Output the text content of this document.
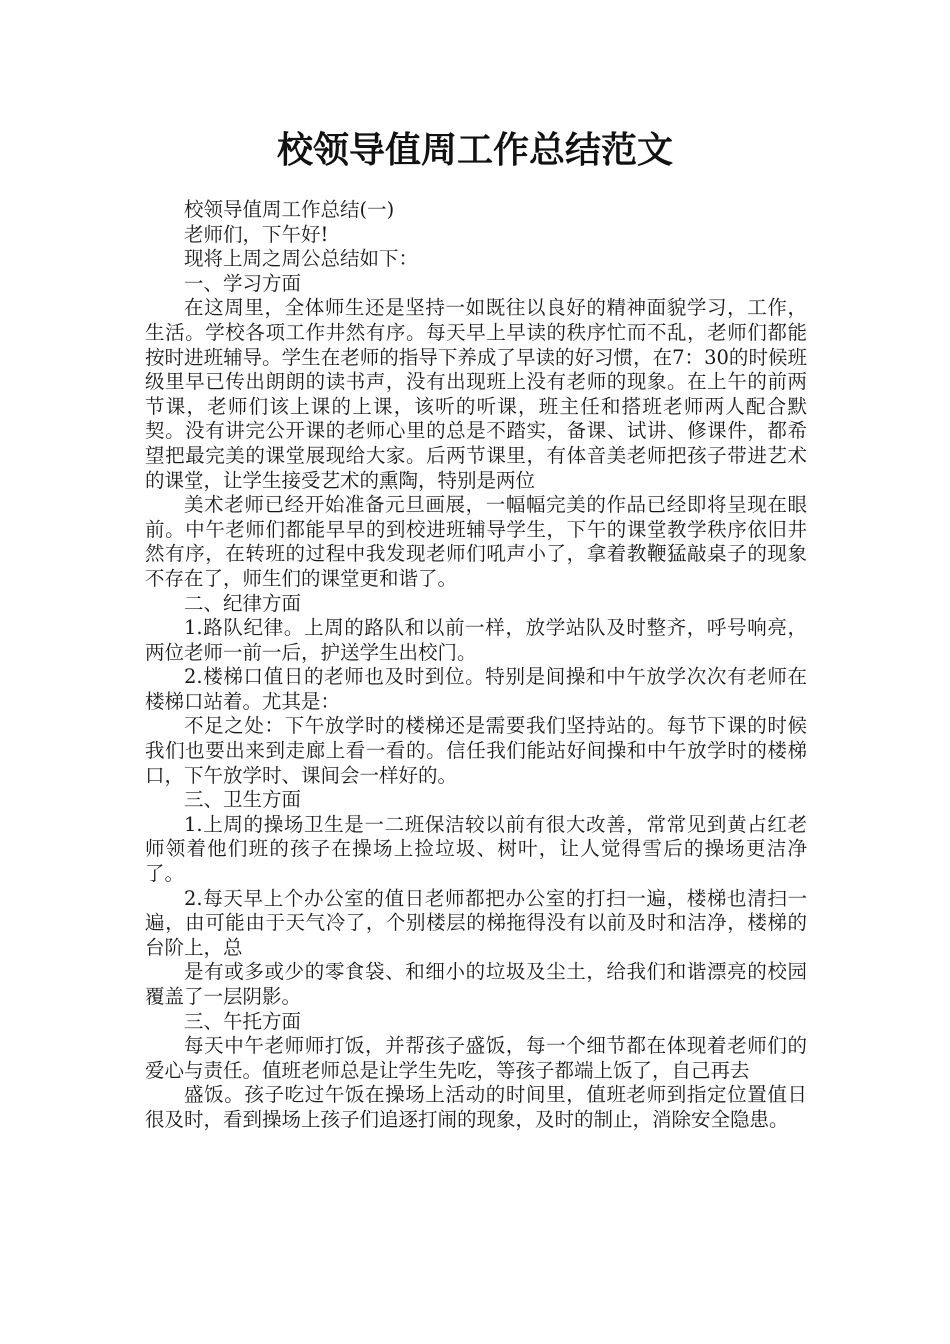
校领导值周工作总结范文

校领导值周工作总结(一)

老师们，下午好!

现将上周之周公总结如下：

一、学习方面

在这周里，全体师生还是坚持一如既往以良好的精神面貌学习，工作，生活。学校各项工作井然有序。每天早上早读的秩序忙而不乱，老师们都能按时进班辅导。学生在老师的指导下养成了早读的好习惯，在7：30的时候班级里早已传出朗朗的读书声，没有出现班上没有老师的现象。在上午的前两节课，老师们该上课的上课，该听的听课，班主任和搭班老师两人配合默契。没有讲完公开课的老师心里的总是不踏实，备课、试讲、修课件，都希望把最完美的课堂展现给大家。后两节课里，有体音美老师把孩子带进艺术的课堂，让学生接受艺术的熏陶，特别是两位

美术老师已经开始准备元旦画展，一幅幅完美的作品已经即将呈现在眼前。中午老师们都能早早的到校进班辅导学生，下午的课堂教学秩序依旧井然有序，在转班的过程中我发现老师们吼声小了，拿着教鞭猛敲桌子的现象不存在了，师生们的课堂更和谐了。

二、纪律方面

1.路队纪律。上周的路队和以前一样，放学站队及时整齐，呼号响亮，两位老师一前一后，护送学生出校门。

2.楼梯口值日的老师也及时到位。特别是间操和中午放学次次有老师在楼梯口站着。尤其是：

不足之处：下午放学时的楼梯还是需要我们坚持站的。每节下课的时候我们也要出来到走廊上看一看的。信任我们能站好间操和中午放学时的楼梯口，下午放学时、课间会一样好的。

三、卫生方面

1.上周的操场卫生是一二班保洁较以前有很大改善，常常见到黄占红老师领着他们班的孩子在操场上捡垃圾、树叶，让人觉得雪后的操场更洁净了。

2.每天早上个办公室的值日老师都把办公室的打扫一遍，楼梯也清扫一遍，由可能由于天气冷了，个别楼层的梯拖得没有以前及时和洁净，楼梯的台阶上，总

是有或多或少的零食袋、和细小的垃圾及尘土，给我们和谐漂亮的校园覆盖了一层阴影。

三、午托方面

每天中午老师师打饭，并帮孩子盛饭，每一个细节都在体现着老师们的爱心与责任。值班老师总是让学生先吃，等孩子都端上饭了，自己再去

盛饭。孩子吃过午饭在操场上活动的时间里，值班老师到指定位置值日很及时，看到操场上孩子们追逐打闹的现象，及时的制止，消除安全隐患。
